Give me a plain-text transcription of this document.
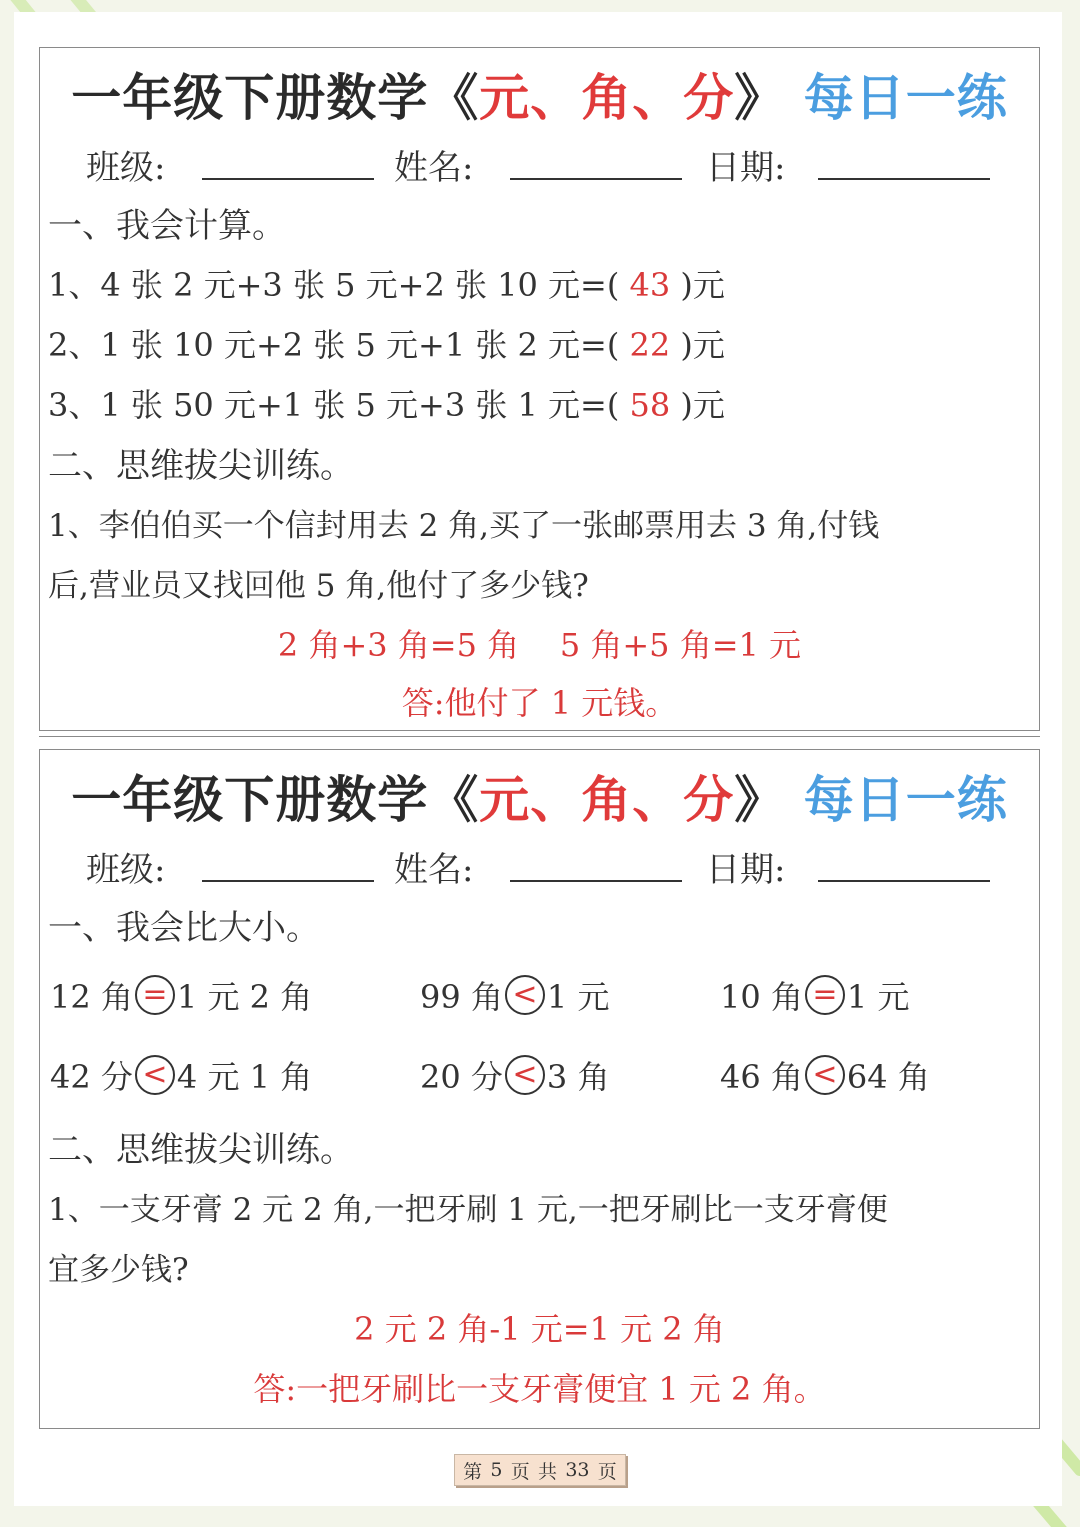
一年级下册数学《元、角、分》 每日一练
班级:	姓名:	日期:
一、我会计算。
1、4 张 2 元+3 张 5 元+2 张 10 元=( 43 )元
2、1 张 10 元+2 张 5 元+1 张 2 元=( 22 )元
3、1 张 50 元+1 张 5 元+3 张 1 元=( 58 )元
二、思维拔尖训练。
1、李伯伯买一个信封用去 2 角,买了一张邮票用去 3 角,付钱
后,营业员又找回他 5 角,他付了多少钱?
2 角+3 角=5 角    5 角+5 角=1 元
答:他付了 1 元钱。
一年级下册数学《元、角、分》 每日一练
班级:	姓名:	日期:
一、我会比大小。
12 角 = 1 元 2 角	99 角 < 1 元	10 角 = 1 元
42 分 < 4 元 1 角	20 分 < 3 角	46 角 < 64 角
二、思维拔尖训练。
1、一支牙膏 2 元 2 角,一把牙刷 1 元,一把牙刷比一支牙膏便
宜多少钱?
2 元 2 角-1 元=1 元 2 角
答:一把牙刷比一支牙膏便宜 1 元 2 角。
第 5 页 共 33 页
